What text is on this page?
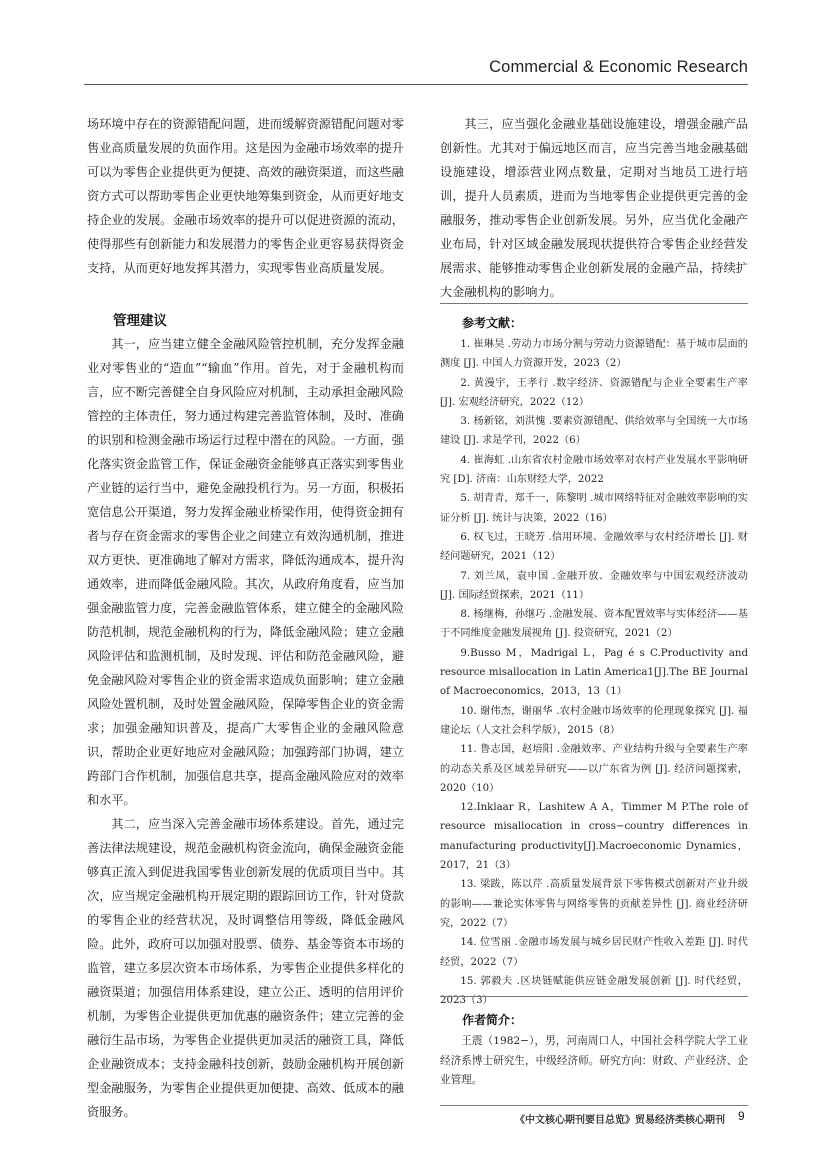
Commercial & Economic Research

场环境中存在的资源错配问题，进而缓解资源错配问题对零售业高质量发展的负面作用。这是因为金融市场效率的提升可以为零售企业提供更为便捷、高效的融资渠道，而这些融资方式可以帮助零售企业更快地筹集到资金，从而更好地支持企业的发展。金融市场效率的提升可以促进资源的流动，使得那些有创新能力和发展潜力的零售企业更容易获得资金支持，从而更好地发挥其潜力，实现零售业高质量发展。

管理建议

其一，应当建立健全金融风险管控机制，充分发挥金融业对零售业的“造血”“输血”作用。首先，对于金融机构而言，应不断完善健全自身风险应对机制，主动承担金融风险管控的主体责任，努力通过构建完善监管体制，及时、准确的识别和检测金融市场运行过程中潜在的风险。一方面，强化落实资金监管工作，保证金融资金能够真正落实到零售业产业链的运行当中，避免金融投机行为。另一方面，积极拓宽信息公开渠道，努力发挥金融业桥梁作用，使得资金拥有者与存在资金需求的零售企业之间建立有效沟通机制，推进双方更快、更准确地了解对方需求，降低沟通成本，提升沟通效率，进而降低金融风险。其次，从政府角度看，应当加强金融监管力度，完善金融监管体系，建立健全的金融风险防范机制，规范金融机构的行为，降低金融风险；建立金融风险评估和监测机制，及时发现、评估和防范金融风险，避免金融风险对零售企业的资金需求造成负面影响；建立金融风险处置机制，及时处置金融风险，保障零售企业的资金需求；加强金融知识普及，提高广大零售企业的金融风险意识，帮助企业更好地应对金融风险；加强跨部门协调，建立跨部门合作机制，加强信息共享，提高金融风险应对的效率和水平。

其二，应当深入完善金融市场体系建设。首先，通过完善法律法规建设，规范金融机构资金流向，确保金融资金能够真正流入到促进我国零售业创新发展的优质项目当中。其次，应当规定金融机构开展定期的跟踪回访工作，针对贷款的零售企业的经营状况，及时调整信用等级，降低金融风险。此外，政府可以加强对股票、债券、基金等资本市场的监管，建立多层次资本市场体系，为零售企业提供多样化的融资渠道；加强信用体系建设，建立公正、透明的信用评价机制，为零售企业提供更加优惠的融资条件；建立完善的金融衍生品市场，为零售企业提供更加灵活的融资工具，降低企业融资成本；支持金融科技创新，鼓励金融机构开展创新型金融服务，为零售企业提供更加便捷、高效、低成本的融资服务。

其三，应当强化金融业基础设施建设，增强金融产品创新性。尤其对于偏远地区而言，应当完善当地金融基础设施建设，增添营业网点数量，定期对当地员工进行培训，提升人员素质，进而为当地零售企业提供更完善的金融服务，推动零售企业创新发展。另外，应当优化金融产业布局，针对区域金融发展现状提供符合零售企业经营发展需求、能够推动零售企业创新发展的金融产品，持续扩大金融机构的影响力。

参考文献：

1. 崔琳昊 .劳动力市场分割与劳动力资源错配：基于城市层面的测度 [J]. 中国人力资源开发，2023（2）

2. 黄漫宇，王孝行 .数字经济、资源错配与企业全要素生产率 [J]. 宏观经济研究，2022（12）

3. 杨新铭，刘洪愧 .要素资源错配、供给效率与全国统一大市场建设 [J]. 求是学刊，2022（6）

4. 崔海虹 .山东省农村金融市场效率对农村产业发展水平影响研究 [D]. 济南：山东财经大学，2022

5. 胡青青，郑千一，陈黎明 .城市网络特征对金融效率影响的实证分析 [J]. 统计与决策，2022（16）

6. 权飞过，王晓芳 .信用环境、金融效率与农村经济增长 [J]. 财经问题研究，2021（12）

7. 刘兰凤，袁申国 .金融开放、金融效率与中国宏观经济波动 [J]. 国际经贸探索，2021（11）

8. 杨继梅，孙继巧 .金融发展、资本配置效率与实体经济——基于不同维度金融发展视角 [J]. 投资研究，2021（2）

9.Busso M，Madrigal L，Pag é s C.Productivity and resource misallocation in Latin America1[J].The BE Journal of Macroeconomics，2013，13（1）

10. 谢伟杰，谢丽华 .农村金融市场效率的伦理现象探究 [J]. 福建论坛（人文社会科学版），2015（8）

11. 鲁志国，赵培阳 .金融效率、产业结构升级与全要素生产率的动态关系及区域差异研究——以广东省为例 [J]. 经济问题探索，2020（10）

12.Inklaar R，Lashitew A A，Timmer M P.The role of resource misallocation in cross−country differences in manufacturing productivity[J].Macroeconomic Dynamics，2017，21（3）

13. 梁跋，陈以芹 .高质量发展背景下零售模式创新对产业升级的影响——兼论实体零售与网络零售的贡献差异性 [J]. 商业经济研究，2022（7）

14. 位雪丽 .金融市场发展与城乡居民财产性收入差距 [J]. 时代经贸，2022（7）

15. 郭毅夫 .区块链赋能供应链金融发展创新 [J]. 时代经贸，2023（3）

作者简介：

王震（1982−），男，河南周口人，中国社会科学院大学工业经济系博士研究生，中级经济师。研究方向：财政、产业经济、企业管理。

《中文核心期刊要目总览》贸易经济类核心期刊 9
